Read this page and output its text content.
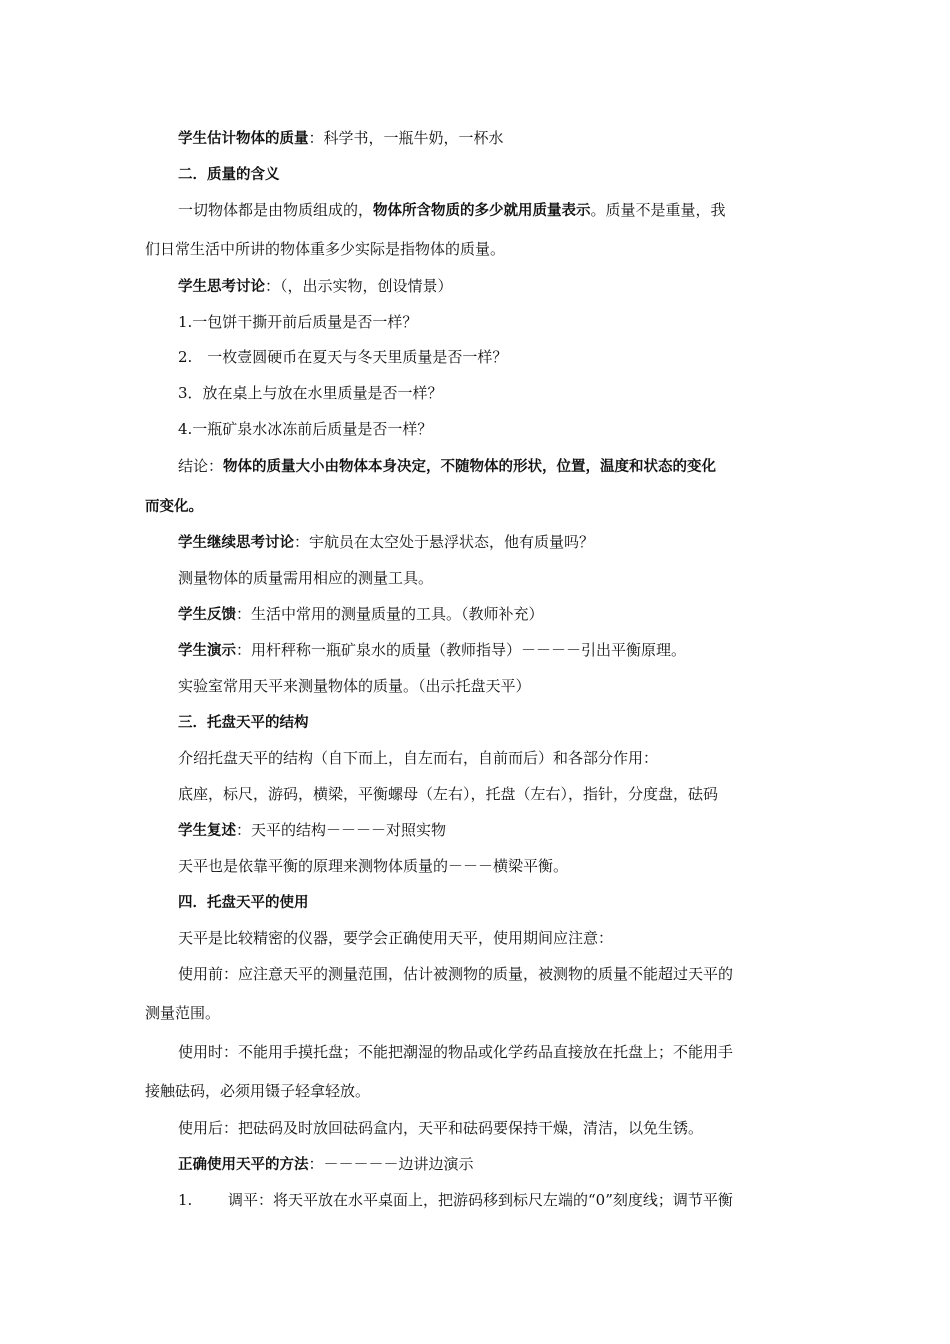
学生估计物体的质量：科学书，一瓶牛奶，一杯水
二．质量的含义
一切物体都是由物质组成的，物体所含物质的多少就用质量表示。质量不是重量，我
们日常生活中所讲的物体重多少实际是指物体的质量。
学生思考讨论：（，出示实物，创设情景）
1.一包饼干撕开前后质量是否一样？
2.　一枚壹圆硬币在夏天与冬天里质量是否一样？
3．放在桌上与放在水里质量是否一样？
4.一瓶矿泉水冰冻前后质量是否一样？
结论：物体的质量大小由物体本身决定，不随物体的形状，位置，温度和状态的变化
而变化。
学生继续思考讨论：宇航员在太空处于悬浮状态，他有质量吗？
测量物体的质量需用相应的测量工具。
学生反馈：生活中常用的测量质量的工具。（教师补充）
学生演示：用杆秤称一瓶矿泉水的质量（教师指导）－－－－引出平衡原理。
实验室常用天平来测量物体的质量。（出示托盘天平）
三．托盘天平的结构
介绍托盘天平的结构（自下而上，自左而右，自前而后）和各部分作用：
底座，标尺，游码，横梁，平衡螺母（左右），托盘（左右），指针，分度盘，砝码
学生复述：天平的结构－－－－对照实物
天平也是依靠平衡的原理来测物体质量的－－－横梁平衡。
四．托盘天平的使用
天平是比较精密的仪器，要学会正确使用天平，使用期间应注意：
使用前：应注意天平的测量范围，估计被测物的质量，被测物的质量不能超过天平的
测量范围。
使用时：不能用手摸托盘；不能把潮湿的物品或化学药品直接放在托盘上；不能用手
接触砝码，必须用镊子轻拿轻放。
使用后：把砝码及时放回砝码盒内，天平和砝码要保持干燥，清洁，以免生锈。
正确使用天平的方法：－－－－－边讲边演示
1. 调平：将天平放在水平桌面上，把游码移到标尺左端的“0”刻度线；调节平衡
